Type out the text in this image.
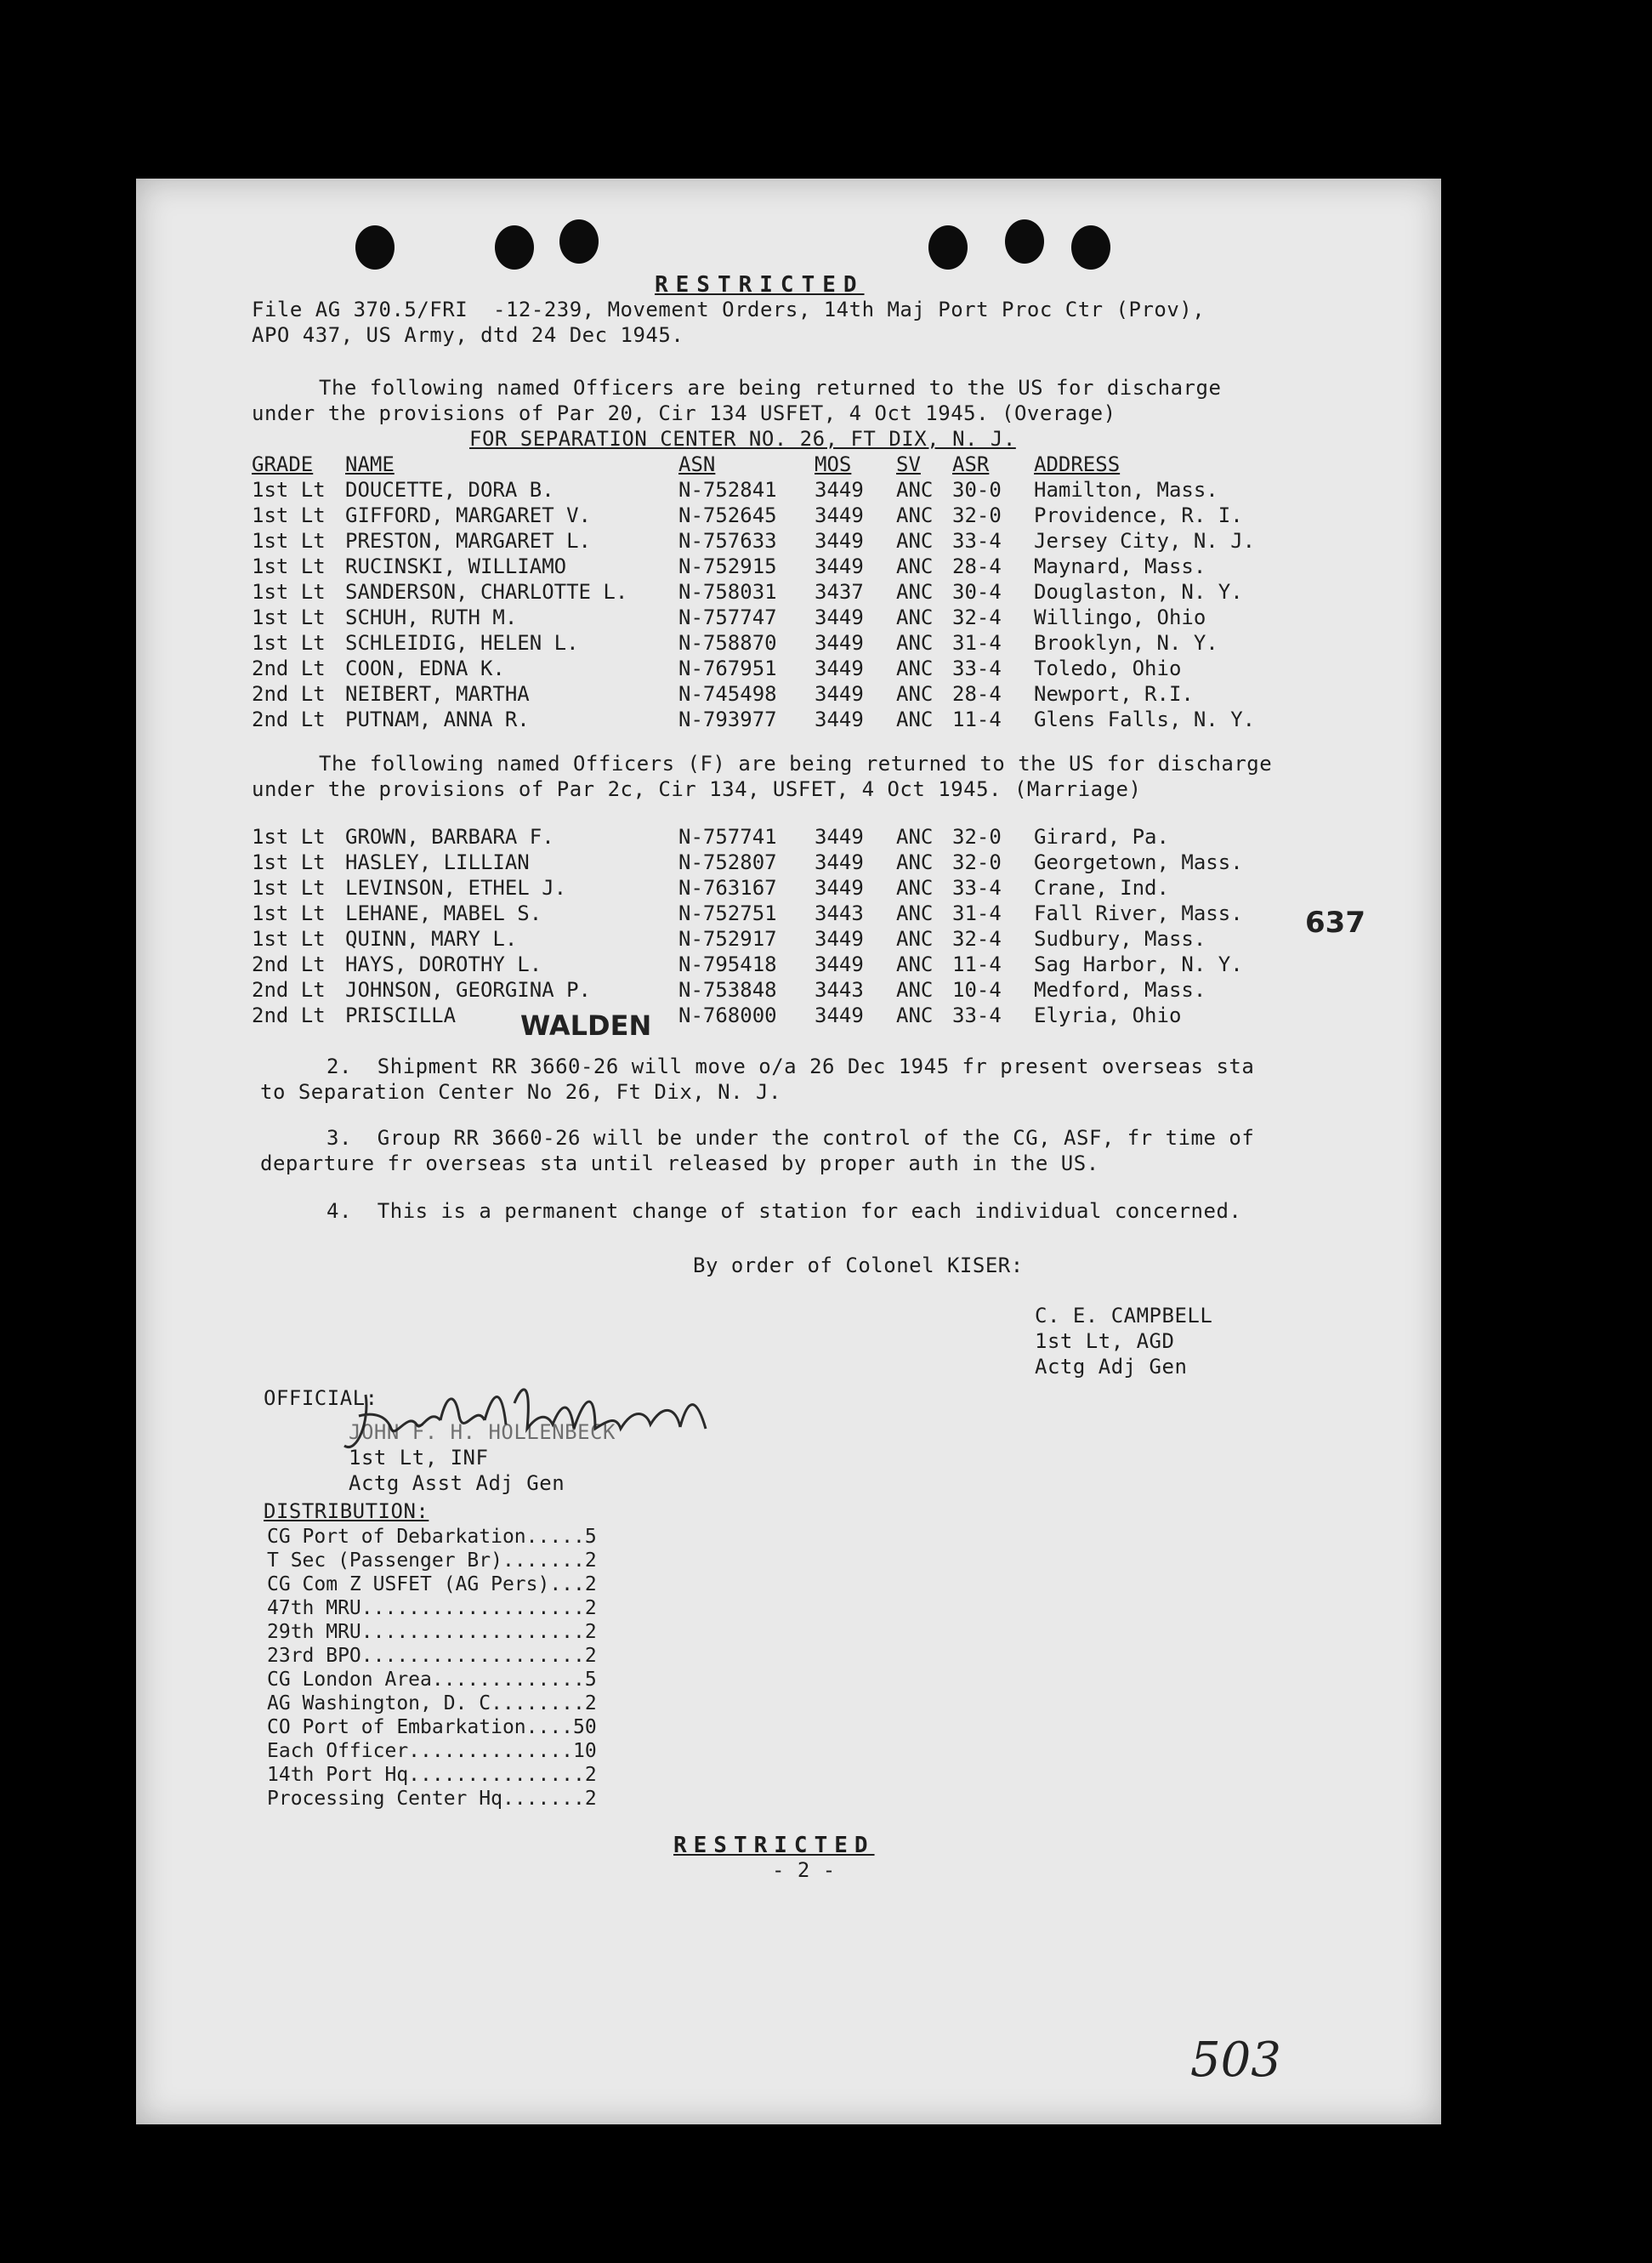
RESTRICTED
File AG 370.5/FRI  -12-239, Movement Orders, 14th Maj Port Proc Ctr (Prov),
APO 437, US Army, dtd 24 Dec 1945.
The following named Officers are being returned to the US for discharge
under the provisions of Par 20, Cir 134 USFET, 4 Oct 1945. (Overage)
FOR SEPARATION CENTER NO. 26, FT DIX, N. J.
GRADE	NAME	ASN	MOS	SV	ASR	ADDRESS
1st Lt	DOUCETTE, DORA B.	N-752841	3449	ANC	30-0	Hamilton, Mass.
1st Lt	GIFFORD, MARGARET V.	N-752645	3449	ANC	32-0	Providence, R. I.
1st Lt	PRESTON, MARGARET L.	N-757633	3449	ANC	33-4	Jersey City, N. J.
1st Lt	RUCINSKI, WILLIAMO	N-752915	3449	ANC	28-4	Maynard, Mass.
1st Lt	SANDERSON, CHARLOTTE L.	N-758031	3437	ANC	30-4	Douglaston, N. Y.
1st Lt	SCHUH, RUTH M.	N-757747	3449	ANC	32-4	Willingo, Ohio
1st Lt	SCHLEIDIG, HELEN L.	N-758870	3449	ANC	31-4	Brooklyn, N. Y.
2nd Lt	COON, EDNA K.	N-767951	3449	ANC	33-4	Toledo, Ohio
2nd Lt	NEIBERT, MARTHA	N-745498	3449	ANC	28-4	Newport, R.I.
2nd Lt	PUTNAM, ANNA R.	N-793977	3449	ANC	11-4	Glens Falls, N. Y.
The following named Officers (F) are being returned to the US for discharge
under the provisions of Par 2c, Cir 134, USFET, 4 Oct 1945. (Marriage)
1st Lt	GROWN, BARBARA F.	N-757741	3449	ANC	32-0	Girard, Pa.
1st Lt	HASLEY, LILLIAN	N-752807	3449	ANC	32-0	Georgetown, Mass.
1st Lt	LEVINSON, ETHEL J.	N-763167	3449	ANC	33-4	Crane, Ind.
1st Lt	LEHANE, MABEL S.	N-752751	3443	ANC	31-4	Fall River, Mass.
1st Lt	QUINN, MARY L.	N-752917	3449	ANC	32-4	Sudbury, Mass.
2nd Lt	HAYS, DOROTHY L.	N-795418	3449	ANC	11-4	Sag Harbor, N. Y.
2nd Lt	JOHNSON, GEORGINA P.	N-753848	3443	ANC	10-4	Medford, Mass.
2nd Lt	PRISCILLA	N-768000	3449	ANC	33-4	Elyria, Ohio
637
WALDEN
2.  Shipment RR 3660-26 will move o/a 26 Dec 1945 fr present overseas sta
to Separation Center No 26, Ft Dix, N. J.
3.  Group RR 3660-26 will be under the control of the CG, ASF, fr time of
departure fr overseas sta until released by proper auth in the US.
4.  This is a permanent change of station for each individual concerned.
By order of Colonel KISER:
C. E. CAMPBELL
1st Lt, AGD
Actg Adj Gen
OFFICIAL:
JOHN F. H. HOLLENBECK
1st Lt, INF
Actg Asst Adj Gen
DISTRIBUTION:
CG Port of Debarkation.....5
T Sec (Passenger Br).......2
CG Com Z USFET (AG Pers)...2
47th MRU...................2
29th MRU...................2
23rd BPO...................2
CG London Area.............5
AG Washington, D. C........2
CO Port of Embarkation....50
Each Officer..............10
14th Port Hq...............2
Processing Center Hq.......2
RESTRICTED
- 2 -
503
